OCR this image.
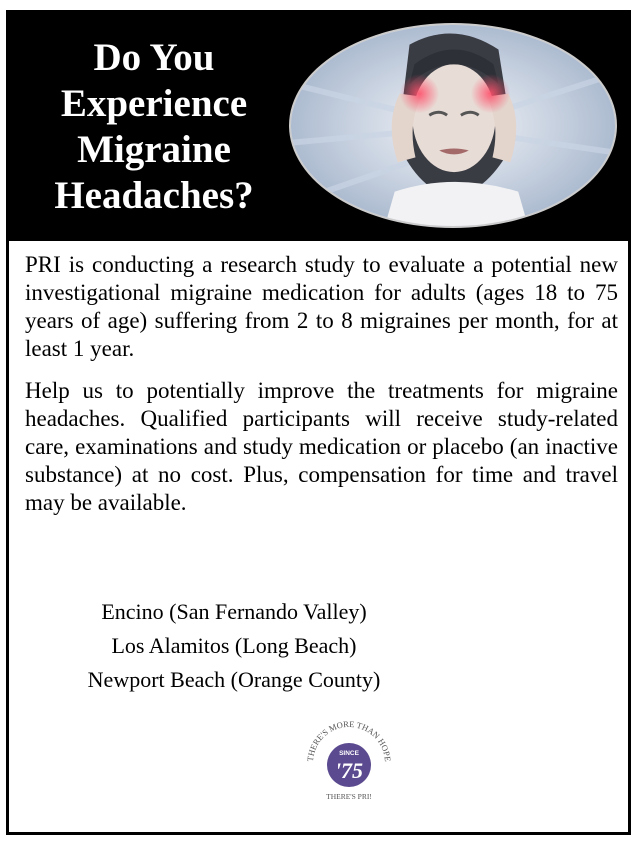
Do You
Experience
Migraine
Headaches?

PRI is conducting a research study to evaluate a potential new investigational migraine medication for adults (ages 18 to 75 years of age) suffering from 2 to 8 migraines per month, for at least 1 year.

Help us to potentially improve the treatments for migraine headaches. Qualified participants will receive study-related care, examinations and study medication or placebo (an inactive substance) at no cost. Plus, compensation for time and travel may be available.

Encino (San Fernando Valley)
Los Alamitos (Long Beach)
Newport Beach (Orange County)
THERE'S MORE THAN HOPE
SINCE
'75
THERE'S PRI!
